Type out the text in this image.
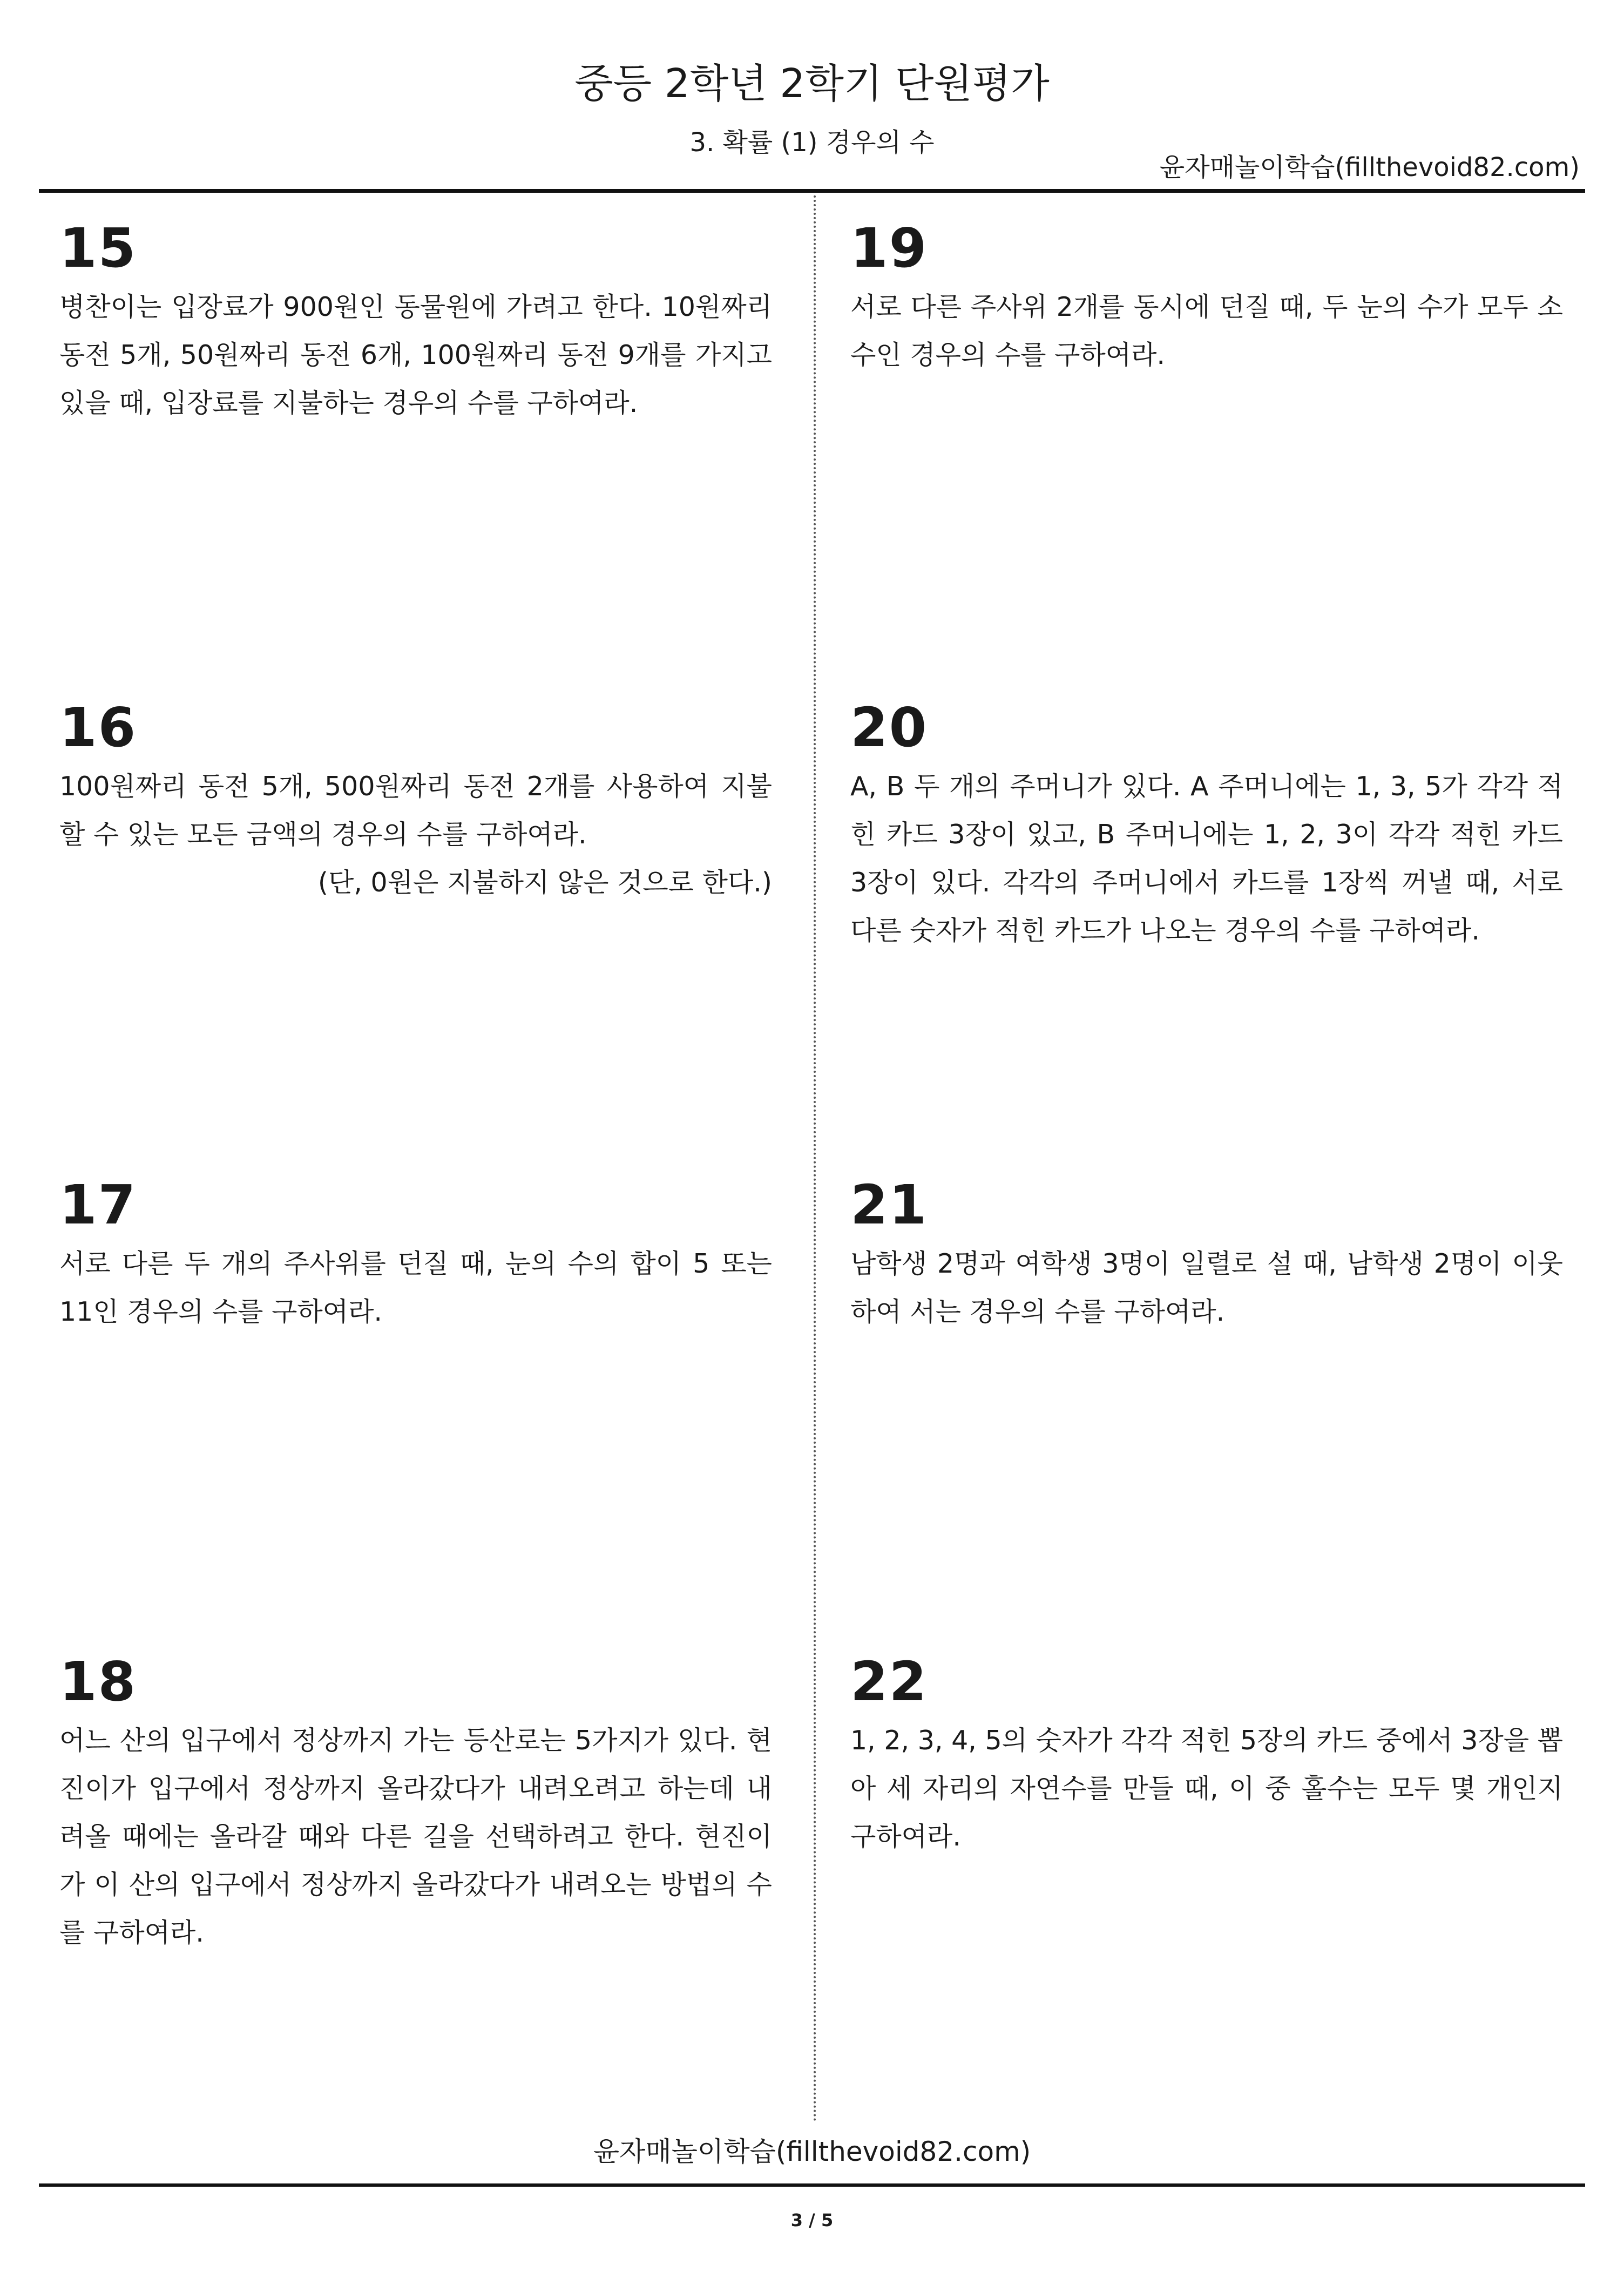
중등 2학년 2학기 단원평가
3. 확률 (1) 경우의 수
윤자매놀이학습(fillthevoid82.com)
15

병찬이는 입장료가 900원인 동물원에 가려고 한다. 10원짜리 동전 5개, 50원짜리 동전 6개, 100원짜리 동전 9개를 가지고 있을 때, 입장료를 지불하는 경우의 수를 구하여라.

16

100원짜리 동전 5개, 500원짜리 동전 2개를 사용하여 지불할 수 있는 모든 금액의 경우의 수를 구하여라.

(단, 0원은 지불하지 않은 것으로 한다.)

17

서로 다른 두 개의 주사위를 던질 때, 눈의 수의 합이 5 또는 11인 경우의 수를 구하여라.

18

어느 산의 입구에서 정상까지 가는 등산로는 5가지가 있다. 현진이가 입구에서 정상까지 올라갔다가 내려오려고 하는데 내려올 때에는 올라갈 때와 다른 길을 선택하려고 한다. 현진이가 이 산의 입구에서 정상까지 올라갔다가 내려오는 방법의 수를 구하여라.

19

서로 다른 주사위 2개를 동시에 던질 때, 두 눈의 수가 모두 소수인 경우의 수를 구하여라.

20

A, B 두 개의 주머니가 있다. A 주머니에는 1, 3, 5가 각각 적힌 카드 3장이 있고, B 주머니에는 1, 2, 3이 각각 적힌 카드 3장이 있다. 각각의 주머니에서 카드를 1장씩 꺼낼 때, 서로 다른 숫자가 적힌 카드가 나오는 경우의 수를 구하여라.

21

남학생 2명과 여학생 3명이 일렬로 설 때, 남학생 2명이 이웃하여 서는 경우의 수를 구하여라.

22

1, 2, 3, 4, 5의 숫자가 각각 적힌 5장의 카드 중에서 3장을 뽑아 세 자리의 자연수를 만들 때, 이 중 홀수는 모두 몇 개인지 구하여라.

윤자매놀이학습(fillthevoid82.com)
3 / 5
